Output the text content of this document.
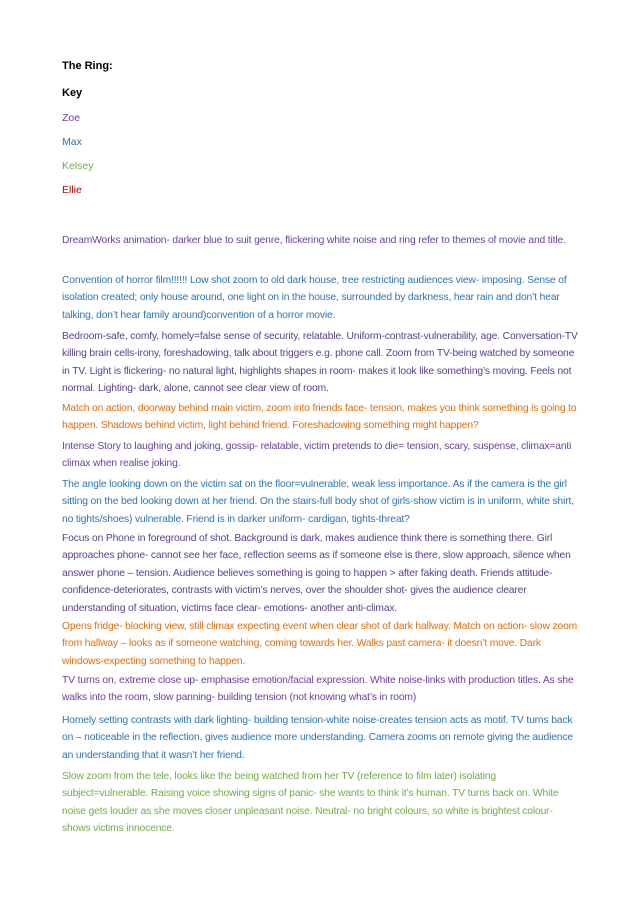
The Ring:

Key

Zoe

Max

Kelsey

Ellie

DreamWorks animation- darker blue to suit genre, flickering white noise and ring refer to themes of movie and title.

Convention of horror film!!!!!! Low shot zoom to old dark house, tree restricting audiences view- imposing. Sense of isolation created; only house around, one light on in the house, surrounded by darkness, hear rain and don’t hear talking, don’t hear family around)convention of a horror movie.

Bedroom-safe, comfy, homely=false sense of security, relatable. Uniform-contrast-vulnerability, age. Conversation-TV killing brain cells-irony, foreshadowing, talk about triggers e.g. phone call. Zoom from TV-being watched by someone in TV. Light is flickering- no natural light, highlights shapes in room- makes it look like something’s moving. Feels not normal. Lighting- dark, alone, cannot see clear view of room.

Match on action, doorway behind main victim, zoom into friends face- tension, makes you think something is going to happen. Shadows behind victim, light behind friend. Foreshadowing something might happen?

Intense Story to laughing and joking, gossip- relatable, victim pretends to die= tension, scary, suspense, climax=anti climax when realise joking.

The angle looking down on the victim sat on the floor=vulnerable, weak less importance. As if the camera is the girl sitting on the bed looking down at her friend. On the stairs-full body shot of girls-show victim is in uniform, white shirt, no tights/shoes) vulnerable. Friend is in darker uniform- cardigan, tights-threat?

Focus on Phone in foreground of shot. Background is dark, makes audience think there is something there. Girl approaches phone- cannot see her face, reflection seems as if someone else is there, slow approach, silence when answer phone – tension. Audience believes something is going to happen > after faking death. Friends attitude-confidence-deteriorates, contrasts with victim’s nerves, over the shoulder shot- gives the audience clearer understanding of situation, victims face clear- emotions- another anti-climax.

Opens fridge- blocking view, still climax expecting event when clear shot of dark hallway. Match on action- slow zoom from hallway – looks as if someone watching, coming towards her. Walks past camera- it doesn’t move. Dark windows-expecting something to happen.

TV turns on, extreme close up- emphasise emotion/facial expression. White noise-links with production titles. As she walks into the room, slow panning- building tension (not knowing what’s in room)

Homely setting contrasts with dark lighting- building tension-white noise-creates tension acts as motif. TV turns back on – noticeable in the reflection, gives audience more understanding. Camera zooms on remote giving the audience an understanding that it wasn’t her friend.

Slow zoom from the tele, looks like the being watched from her TV (reference to film later) isolating subject=vulnerable. Raising voice showing signs of panic- she wants to think it’s human. TV turns back on. White noise gets louder as she moves closer unpleasant noise. Neutral- no bright colours, so white is brightest colour- shows victims innocence.
